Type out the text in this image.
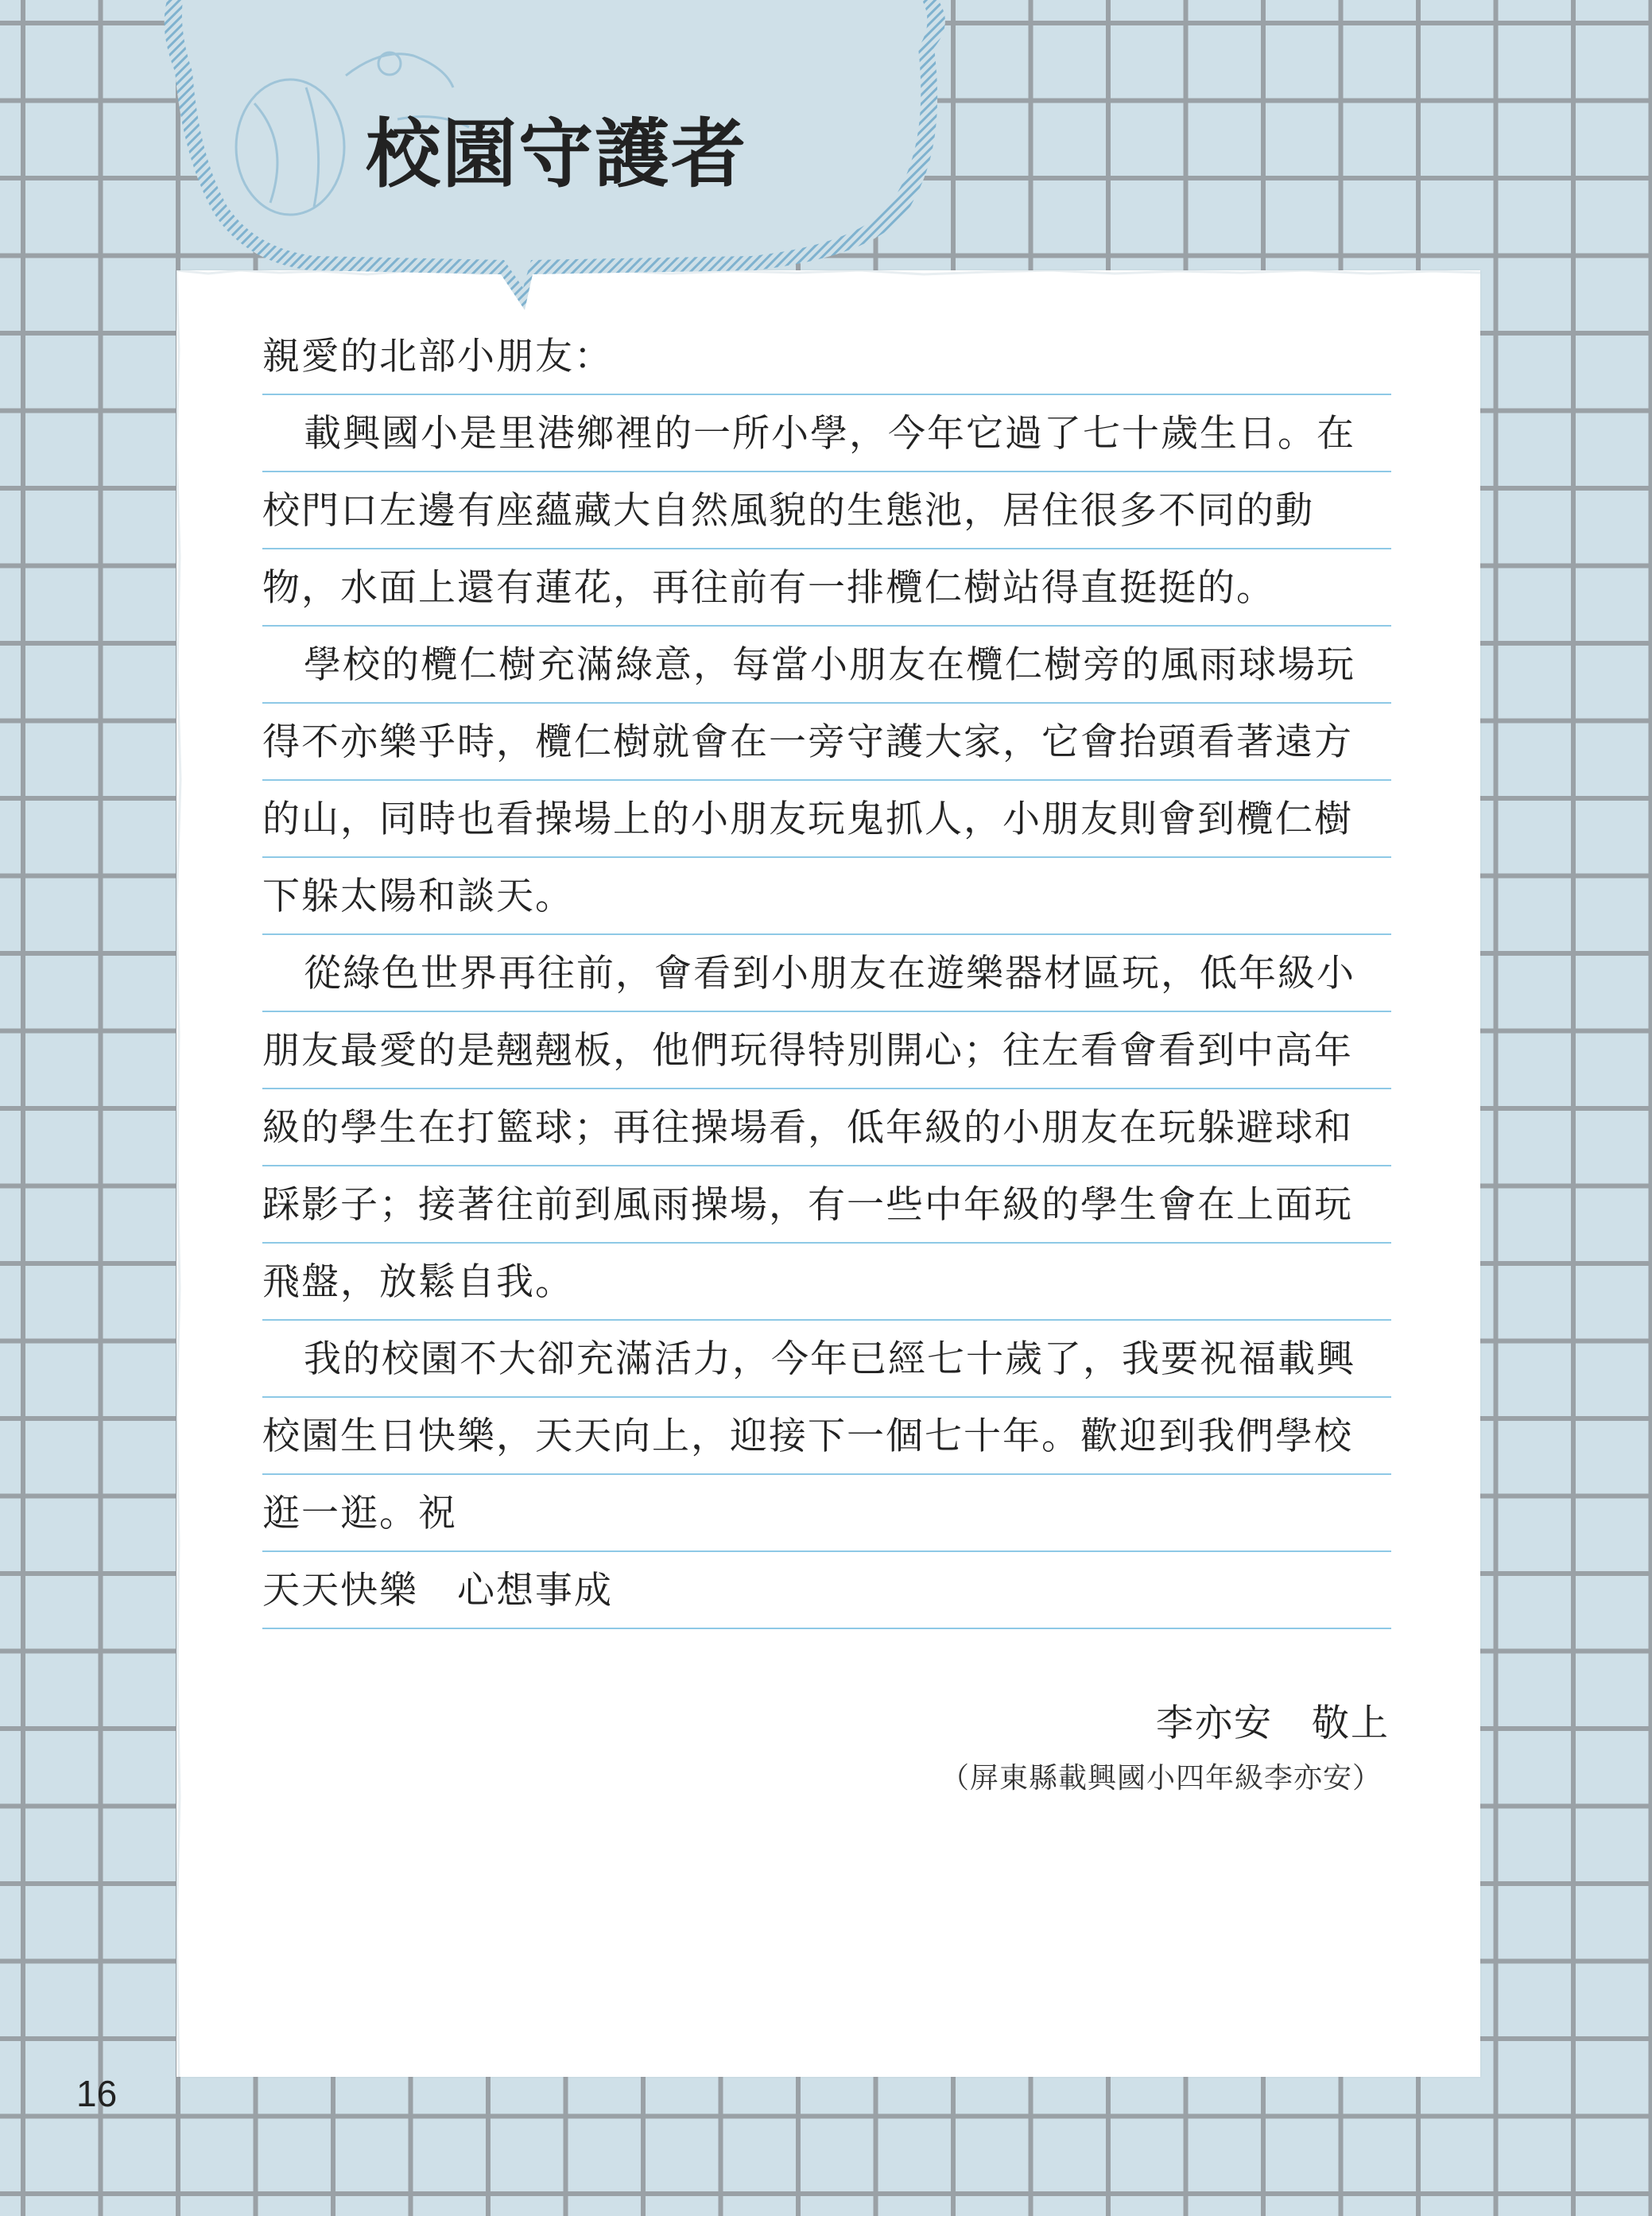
校園守護者
親愛的北部小朋友：
載興國小是里港鄉裡的一所小學，今年它過了七十歲生日。在
校門口左邊有座蘊藏大自然風貌的生態池，居住很多不同的動
物，水面上還有蓮花，再往前有一排欖仁樹站得直挺挺的。
學校的欖仁樹充滿綠意，每當小朋友在欖仁樹旁的風雨球場玩
得不亦樂乎時，欖仁樹就會在一旁守護大家，它會抬頭看著遠方
的山，同時也看操場上的小朋友玩鬼抓人，小朋友則會到欖仁樹
下躲太陽和談天。
從綠色世界再往前，會看到小朋友在遊樂器材區玩，低年級小
朋友最愛的是翹翹板，他們玩得特別開心；往左看會看到中高年
級的學生在打籃球；再往操場看，低年級的小朋友在玩躲避球和
踩影子；接著往前到風雨操場，有一些中年級的學生會在上面玩
飛盤，放鬆自我。
我的校園不大卻充滿活力，今年已經七十歲了，我要祝福載興
校園生日快樂，天天向上，迎接下一個七十年。歡迎到我們學校
逛一逛。祝
天天快樂　心想事成
李亦安　敬上
（屏東縣載興國小四年級李亦安）
16
